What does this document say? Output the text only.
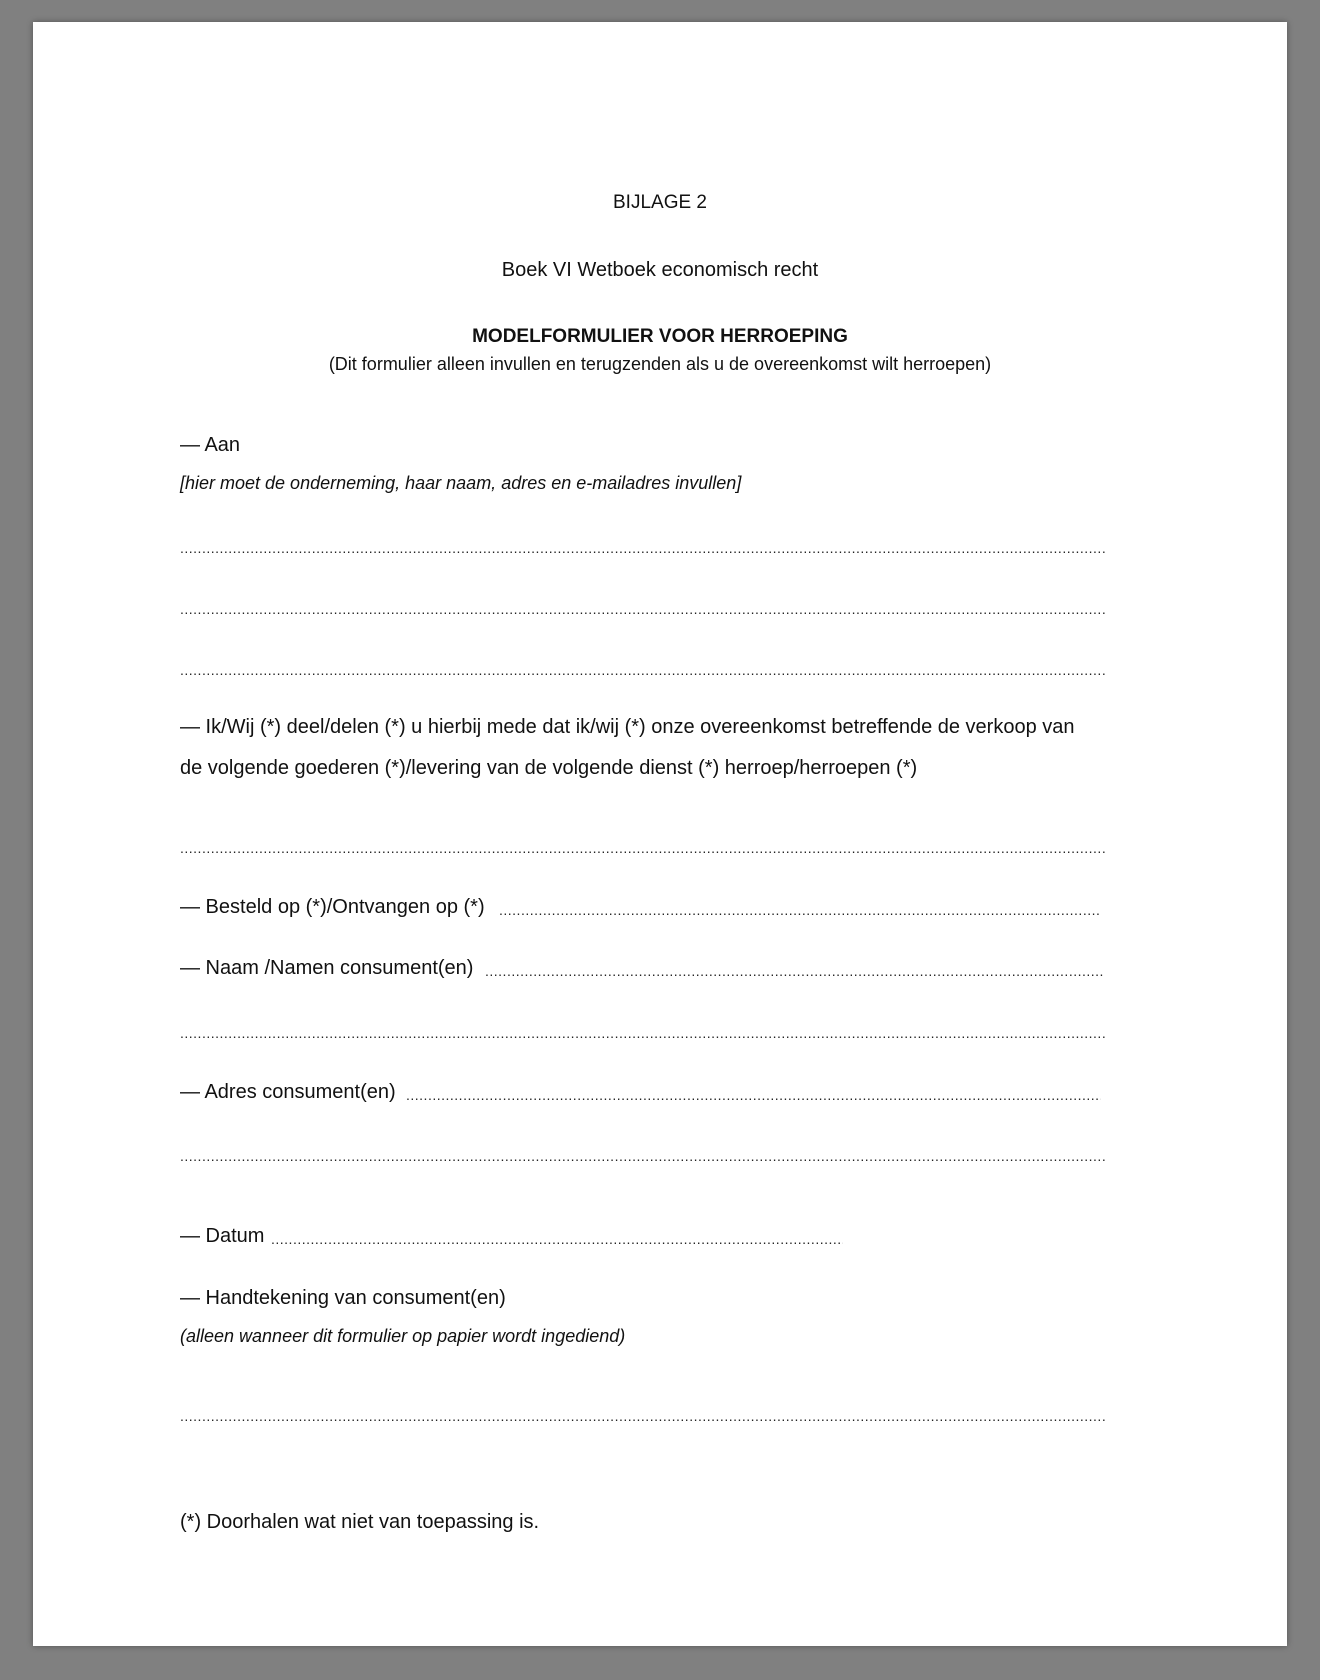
BIJLAGE 2
Boek VI Wetboek economisch recht
MODELFORMULIER VOOR HERROEPING
(Dit formulier alleen invullen en terugzenden als u de overeenkomst wilt herroepen)
— Aan
[hier moet de onderneming, haar naam, adres en e-mailadres invullen]
.....
.....
.....
— Ik/Wij (*) deel/delen (*) u hierbij mede dat ik/wij (*) onze overeenkomst betreffende de verkoop van
de volgende goederen (*)/levering van de volgende dienst (*) herroep/herroepen (*)
.....
— Besteld op (*)/Ontvangen op (*)
.....
— Naam /Namen consument(en)
.....
.....
— Adres consument(en)
.....
.....
— Datum
.....
— Handtekening van consument(en)
(alleen wanneer dit formulier op papier wordt ingediend)
.....
(*) Doorhalen wat niet van toepassing is.
